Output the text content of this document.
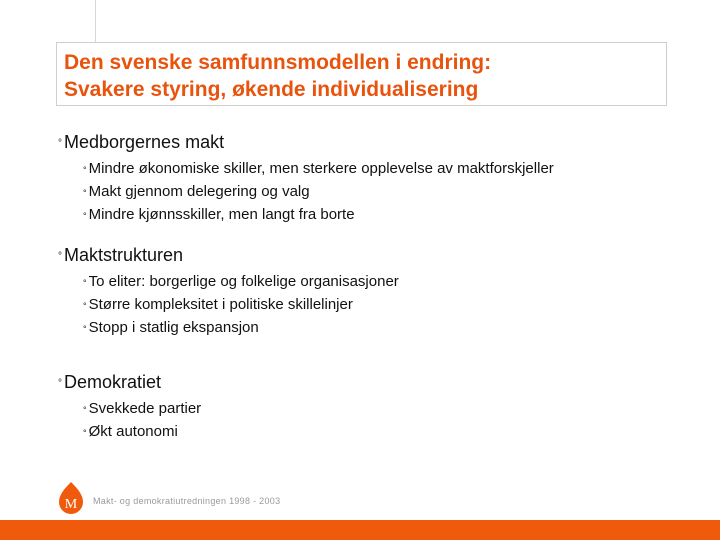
Den svenske samfunnsmodellen i endring:
Svakere styring, økende individualisering
° Medborgernes makt
° Mindre økonomiske skiller, men sterkere opplevelse av maktforskjeller
° Makt gjennom delegering og valg
° Mindre kjønnsskiller, men langt fra borte
° Maktstrukturen
° To eliter: borgerlige og folkelige organisasjoner
° Større kompleksitet i politiske skillelinjer
° Stopp i statlig ekspansjon
° Demokratiet
° Svekkede partier
° Økt autonomi
M Makt- og demokratiutredningen 1998 - 2003
